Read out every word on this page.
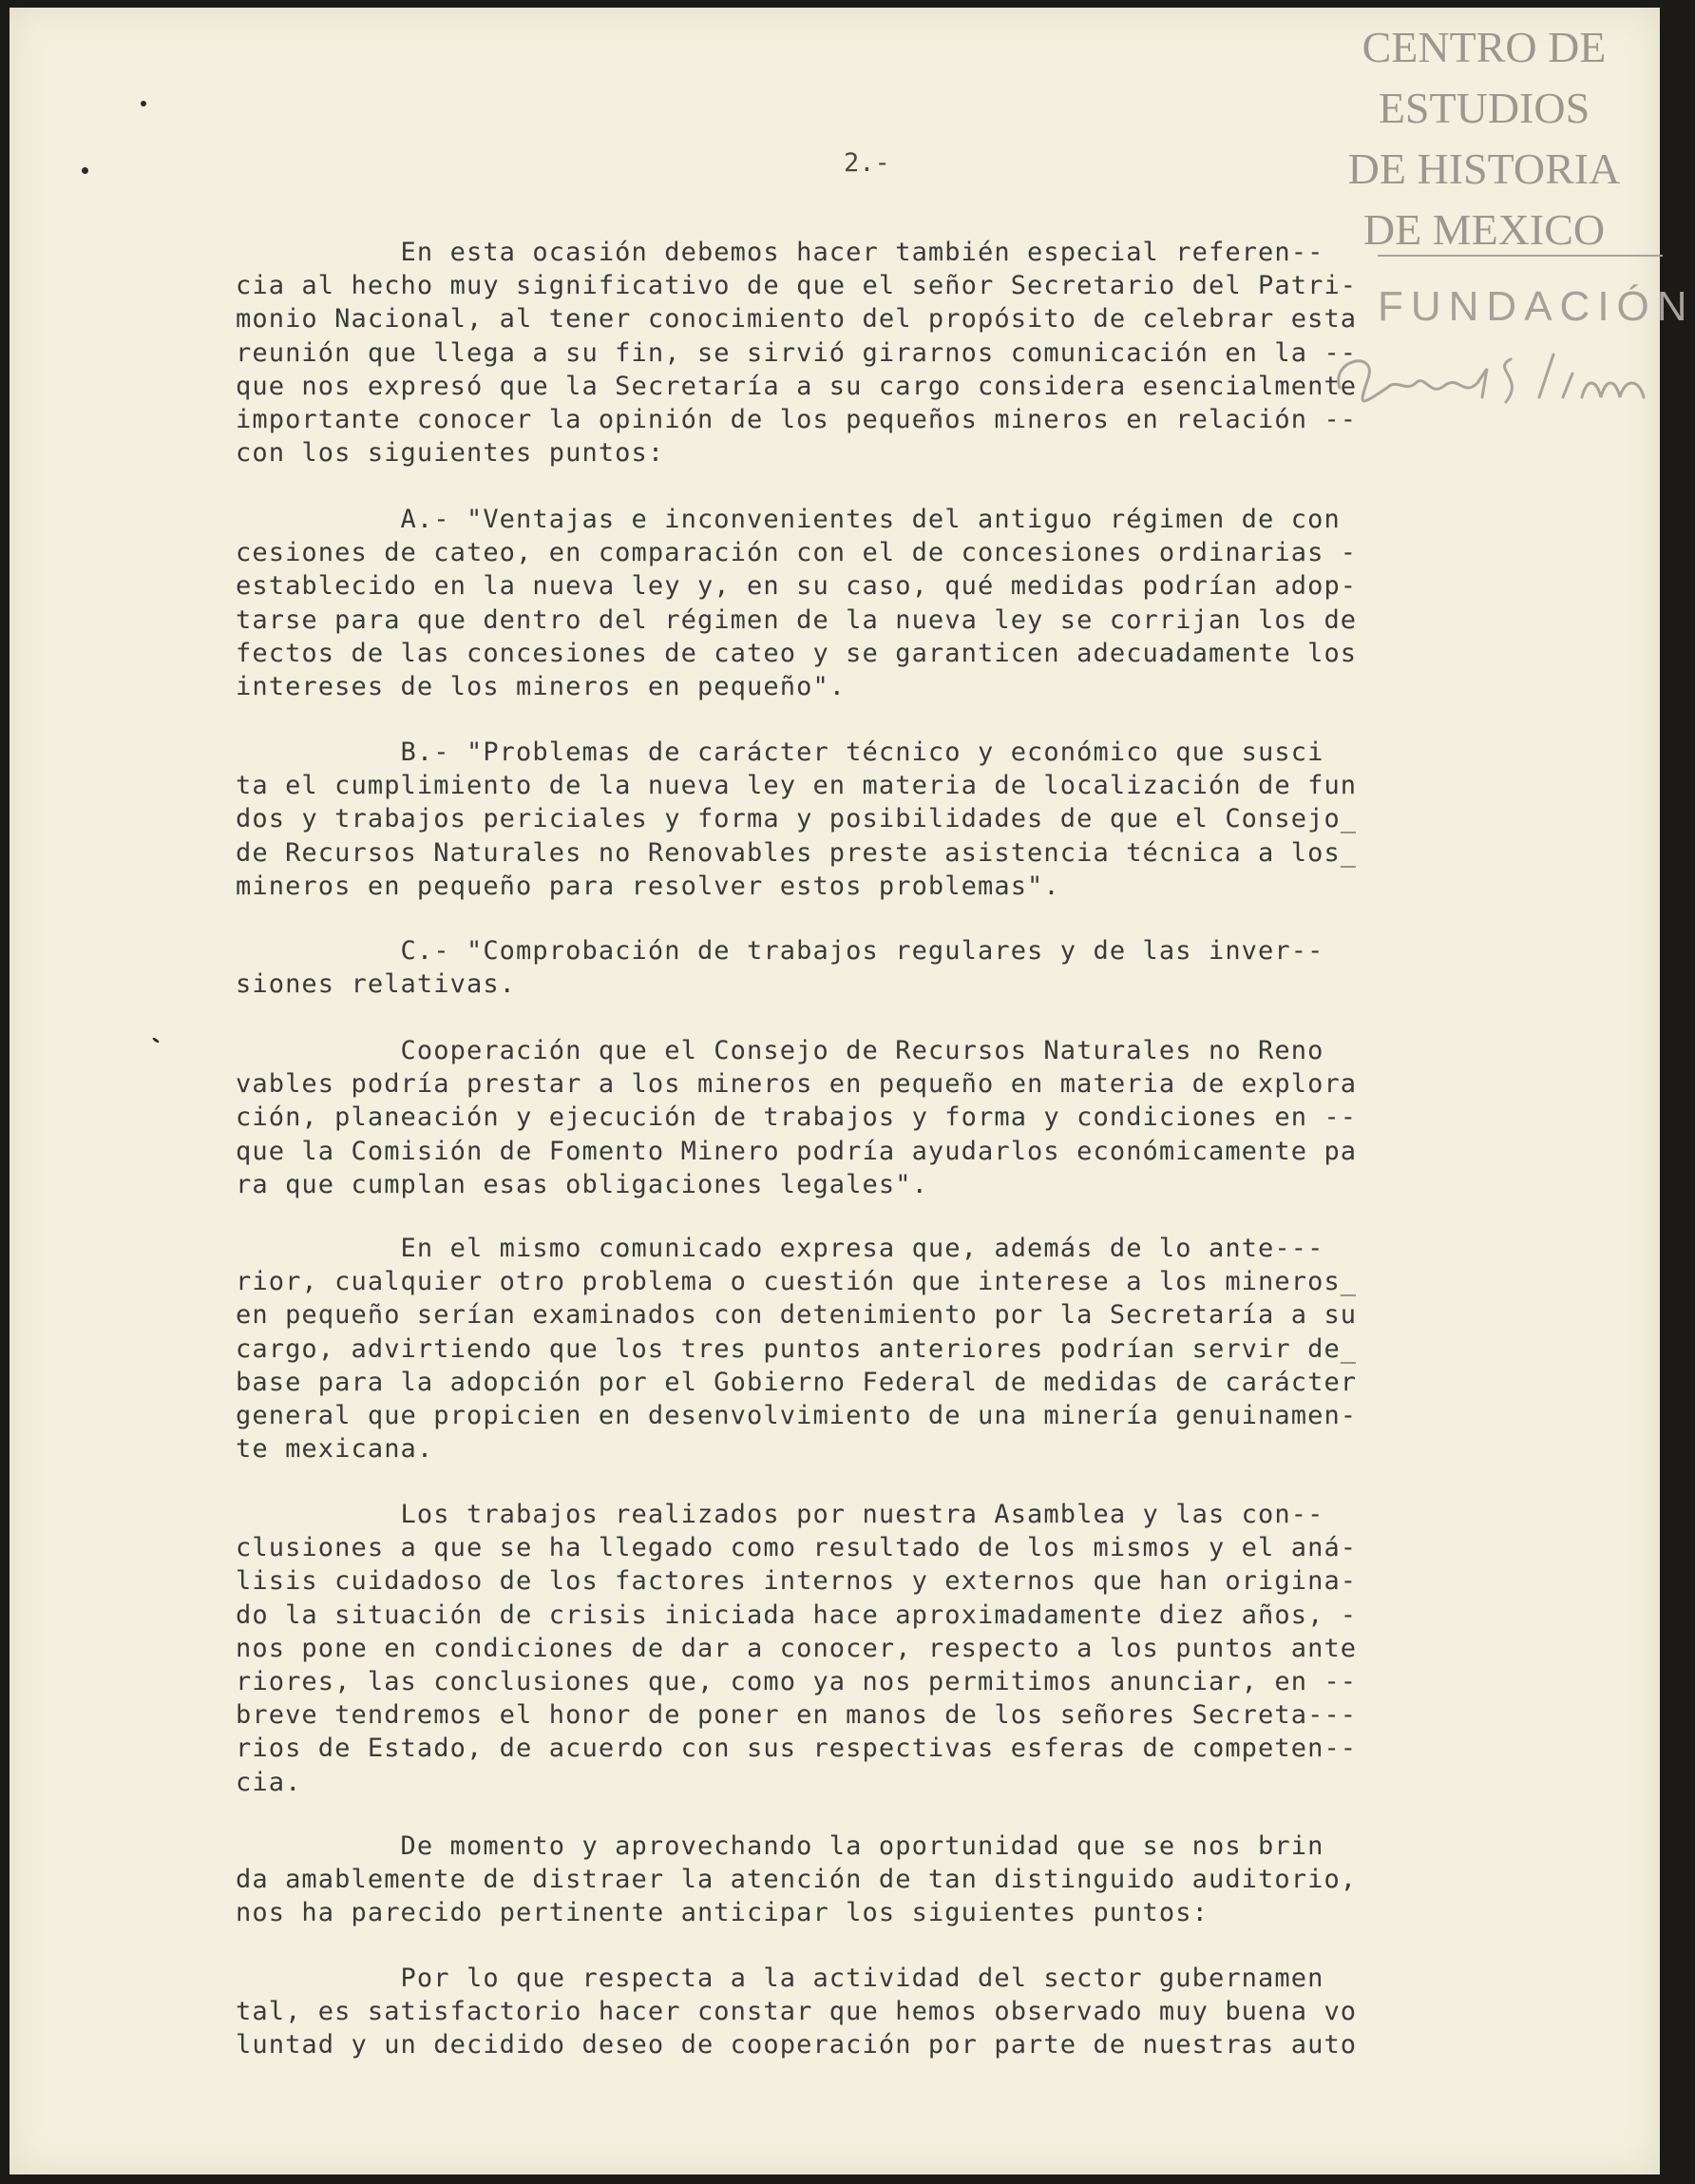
CENTRO DE
ESTUDIOS
DE HISTORIA
DE MEXICO
FUNDACIÓN
2.-

En esta ocasión debemos hacer también especial referen--
cia al hecho muy significativo de que el señor Secretario del Patri-
monio Nacional, al tener conocimiento del propósito de celebrar esta
reunión que llega a su fin, se sirvió girarnos comunicación en la --
que nos expresó que la Secretaría a su cargo considera esencialmente
importante conocer la opinión de los pequeños mineros en relación --
con los siguientes puntos:

A.- "Ventajas e inconvenientes del antiguo régimen de con
cesiones de cateo, en comparación con el de concesiones ordinarias -
establecido en la nueva ley y, en su caso, qué medidas podrían adop-
tarse para que dentro del régimen de la nueva ley se corrijan los de
fectos de las concesiones de cateo y se garanticen adecuadamente los
intereses de los mineros en pequeño".

B.- "Problemas de carácter técnico y económico que susci
ta el cumplimiento de la nueva ley en materia de localización de fun
dos y trabajos periciales y forma y posibilidades de que el Consejo_
de Recursos Naturales no Renovables preste asistencia técnica a los_
mineros en pequeño para resolver estos problemas".

C.- "Comprobación de trabajos regulares y de las inver--
siones relativas.

Cooperación que el Consejo de Recursos Naturales no Reno
vables podría prestar a los mineros en pequeño en materia de explora
ción, planeación y ejecución de trabajos y forma y condiciones en --
que la Comisión de Fomento Minero podría ayudarlos económicamente pa
ra que cumplan esas obligaciones legales".

En el mismo comunicado expresa que, además de lo ante---
rior, cualquier otro problema o cuestión que interese a los mineros_
en pequeño serían examinados con detenimiento por la Secretaría a su
cargo, advirtiendo que los tres puntos anteriores podrían servir de_
base para la adopción por el Gobierno Federal de medidas de carácter
general que propicien en desenvolvimiento de una minería genuinamen-
te mexicana.

Los trabajos realizados por nuestra Asamblea y las con--
clusiones a que se ha llegado como resultado de los mismos y el aná-
lisis cuidadoso de los factores internos y externos que han origina-
do la situación de crisis iniciada hace aproximadamente diez años, -
nos pone en condiciones de dar a conocer, respecto a los puntos ante
riores, las conclusiones que, como ya nos permitimos anunciar, en --
breve tendremos el honor de poner en manos de los señores Secreta---
rios de Estado, de acuerdo con sus respectivas esferas de competen--
cia.

De momento y aprovechando la oportunidad que se nos brin
da amablemente de distraer la atención de tan distinguido auditorio,
nos ha parecido pertinente anticipar los siguientes puntos:

Por lo que respecta a la actividad del sector gubernamen
tal, es satisfactorio hacer constar que hemos observado muy buena vo
luntad y un decidido deseo de cooperación por parte de nuestras auto
